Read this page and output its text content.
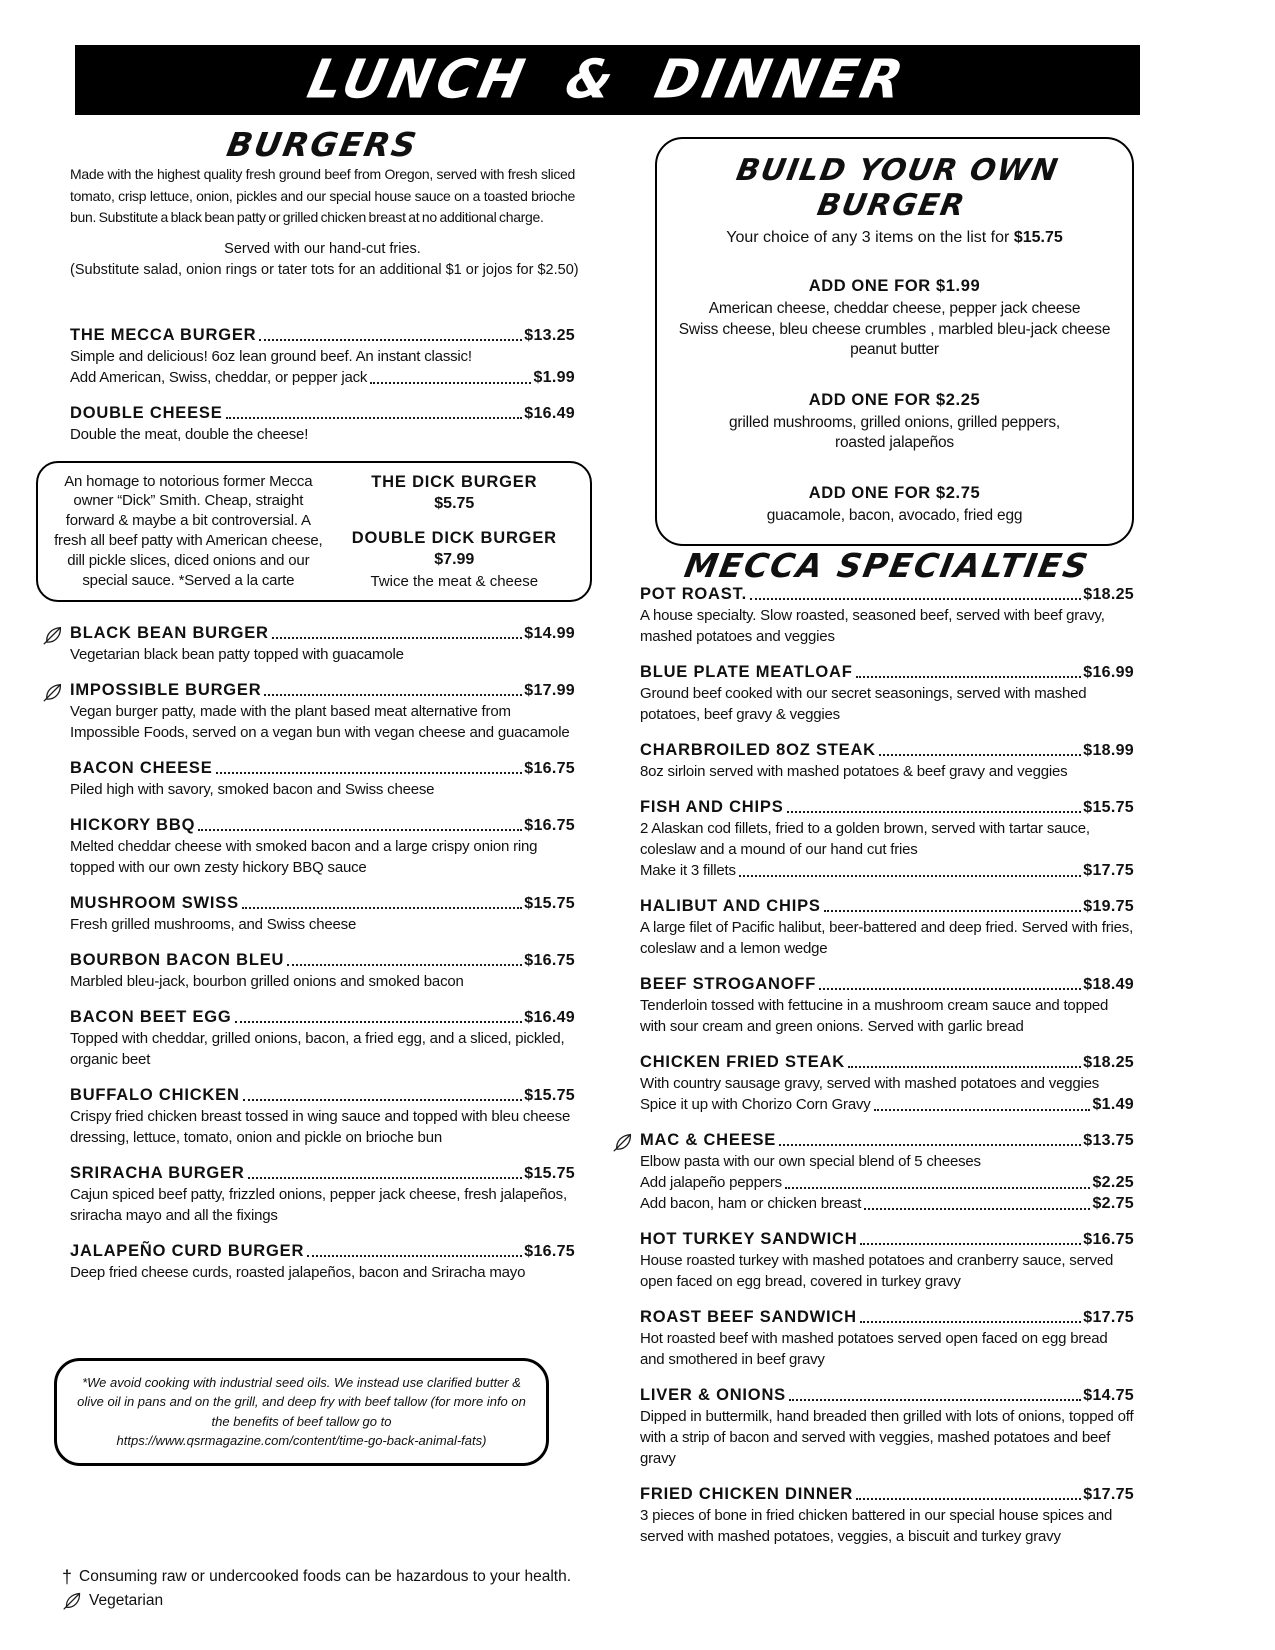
LUNCH & DINNER
BURGERS

Made with the highest quality fresh ground beef from Oregon, served with fresh sliced tomato, crisp lettuce, onion, pickles and our special house sauce on a toasted brioche bun. Substitute a black bean patty or grilled chicken breast at no additional charge.

Served with our hand-cut fries.

(Substitute salad, onion rings or tater tots for an additional $1 or jojos for $2.50)

THE MECCA BURGER	$13.25
Simple and delicious! 6oz lean ground beef. An instant classic!
Add American, Swiss, cheddar, or pepper jack	$1.99
DOUBLE CHEESE	$16.49
Double the meat, double the cheese!
An homage to notorious former Mecca owner “Dick” Smith. Cheap, straight forward & maybe a bit controversial. A fresh all beef patty with American cheese, dill pickle slices, diced onions and our special sauce. *Served a la carte
THE DICK BURGER
$5.75
DOUBLE DICK BURGER
$7.99
Twice the meat & cheese
BLACK BEAN BURGER	$14.99
Vegetarian black bean patty topped with guacamole
IMPOSSIBLE BURGER	$17.99
Vegan burger patty, made with the plant based meat alternative from Impossible Foods, served on a vegan bun with vegan cheese and guacamole
BACON CHEESE	$16.75
Piled high with savory, smoked bacon and Swiss cheese
HICKORY BBQ	$16.75
Melted cheddar cheese with smoked bacon and a large crispy onion ring topped with our own zesty hickory BBQ sauce
MUSHROOM SWISS	$15.75
Fresh grilled mushrooms, and Swiss cheese
BOURBON BACON BLEU	$16.75
Marbled bleu-jack, bourbon grilled onions and smoked bacon
BACON BEET EGG	$16.49
Topped with cheddar, grilled onions, bacon, a fried egg, and a sliced, pickled, organic beet
BUFFALO CHICKEN	$15.75
Crispy fried chicken breast tossed in wing sauce and topped with bleu cheese dressing, lettuce, tomato, onion and pickle on brioche bun
SRIRACHA BURGER	$15.75
Cajun spiced beef patty, frizzled onions, pepper jack cheese, fresh jalapeños, sriracha mayo and all the fixings
JALAPEÑO CURD BURGER	$16.75
Deep fried cheese curds, roasted jalapeños, bacon and Sriracha mayo
*We avoid cooking with industrial seed oils. We instead use clarified butter &
olive oil in pans and on the grill, and deep fry with beef tallow (for more info on
the benefits of beef tallow go to
https://www.qsrmagazine.com/content/time-go-back-animal-fats)
BUILD YOUR OWN BURGER
Your choice of any 3 items on the list for $15.75
ADD ONE FOR $1.99
American cheese, cheddar cheese, pepper jack cheese
Swiss cheese, bleu cheese crumbles , marbled bleu-jack cheese
peanut butter
ADD ONE FOR $2.25
grilled mushrooms, grilled onions, grilled peppers,
roasted jalapeños
ADD ONE FOR $2.75
guacamole, bacon, avocado, fried egg
MECCA SPECIALTIES
POT ROAST.	$18.25
A house specialty. Slow roasted, seasoned beef, served with beef gravy, mashed potatoes and veggies
BLUE PLATE MEATLOAF	$16.99
Ground beef cooked with our secret seasonings, served with mashed potatoes, beef gravy & veggies
CHARBROILED 8OZ STEAK	$18.99
8oz sirloin served with mashed potatoes & beef gravy and veggies
FISH AND CHIPS	$15.75
2 Alaskan cod fillets, fried to a golden brown, served with tartar sauce, coleslaw and a mound of our hand cut fries
Make it 3 fillets	$17.75
HALIBUT AND CHIPS	$19.75
A large filet of Pacific halibut, beer-battered and deep fried. Served with fries, coleslaw and a lemon wedge
BEEF STROGANOFF	$18.49
Tenderloin tossed with fettucine in a mushroom cream sauce and topped with sour cream and green onions. Served with garlic bread
CHICKEN FRIED STEAK	$18.25
With country sausage gravy, served with mashed potatoes and veggies
Spice it up with Chorizo Corn Gravy	$1.49
MAC & CHEESE	$13.75
Elbow pasta with our own special blend of 5 cheeses
Add jalapeño peppers	$2.25
Add bacon, ham or chicken breast	$2.75
HOT TURKEY SANDWICH	$16.75
House roasted turkey with mashed potatoes and cranberry sauce, served open faced on egg bread, covered in turkey gravy
ROAST BEEF SANDWICH	$17.75
Hot roasted beef with mashed potatoes served open faced on egg bread and smothered in beef gravy
LIVER & ONIONS	$14.75
Dipped in buttermilk, hand breaded then grilled with lots of onions, topped off with a strip of bacon and served with veggies, mashed potatoes and beef gravy
FRIED CHICKEN DINNER	$17.75
3 pieces of bone in fried chicken battered in our special house spices and served with mashed potatoes, veggies, a biscuit and turkey gravy
† Consuming raw or undercooked foods can be hazardous to your health.
Vegetarian
